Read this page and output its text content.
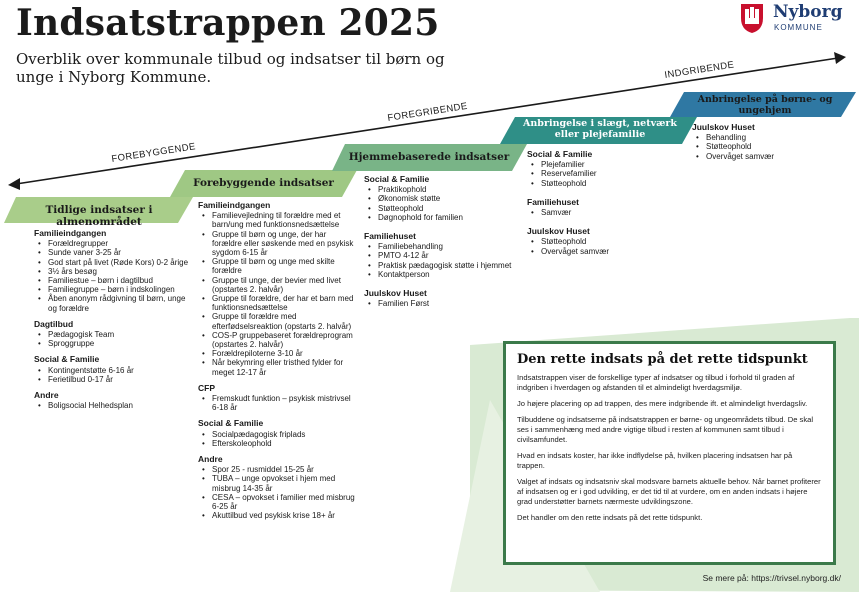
FOREBYGGENDE
FOREGRIBENDE
INDGRIBENDE
Indsatstrappen 2025
Overblik over kommunale tilbud og indsatser til børn og unge i Nyborg Kommune.
Nyborg
KOMMUNE
Tidlige indsatser i almenområdet
Forebyggende indsatser
Hjemmebaserede indsatser
Anbringelse i slægt, netværk eller plejefamilie
Anbringelse på børne- og ungehjem
Familieindgangen
• Forældregrupper
• Sunde vaner 3-25 år
• God start på livet (Røde Kors) 0-2 årige
• 3½ års besøg
• Familiestue – børn i dagtilbud
• Familiegruppe – børn i indskolingen
• Åben anonym rådgivning til børn, unge og forældre
Dagtilbud
• Pædagogisk Team
• Sproggruppe
Social & Familie
• Kontingentstøtte 6-16 år
• Ferietilbud 0-17 år
Andre
• Boligsocial Helhedsplan
Familieindgangen
• Familievejledning til forældre med et barn/ung med funktionsnedsættelse
• Gruppe til børn og unge, der har forældre eller søskende med en psykisk sygdom 6-15 år
• Gruppe til børn og unge med skilte forældre
• Gruppe til unge, der bevier med livet (opstartes 2. halvår)
• Gruppe til forældre, der har et barn med funktionsnedsættelse
• Gruppe til forældre med efterfødselsreaktion (opstarts 2. halvår)
• COS-P gruppebaseret forældreprogram (opstartes 2. halvår)
• Forældrepiloterne 3-10 år
• Når bekymring eller tristhed fylder for meget 12-17 år
CFP
• Fremskudt funktion – psykisk mistrivsel 6-18 år
Social & Familie
• Socialpædagogisk friplads
• Efterskoleophold
Andre
• Spor 25 - rusmiddel 15-25 år
• TUBA – unge opvokset i hjem med misbrug 14-35 år
• CESA – opvokset i familier med misbrug 6-25 år
• Akuttilbud ved psykisk krise 18+ år
Social & Familie
• Praktikophold
• Økonomisk støtte
• Støtteophold
• Døgnophold for familien
Familiehuset
• Familiebehandling
• PMTO 4-12 år
• Praktisk pædagogisk støtte i hjemmet
• Kontaktperson
Juulskov Huset
• Familien Først
Social & Familie
• Plejefamilier
• Reservefamilier
• Støtteophold
Familiehuset
• Samvær
Juulskov Huset
• Støtteophold
• Overvåget samvær
Juulskov Huset
• Behandling
• Støtteophold
• Overvåget samvær
Den rette indsats på det rette tidspunkt

Indsatstrappen viser de forskellige typer af indsatser og tilbud i forhold til graden af indgriben i hverdagen og afstanden til et almindeligt hverdagsmiljø.

Jo højere placering op ad trappen, des mere indgribende ift. et almindeligt hverdagsliv.

Tilbuddene og indsatserne på indsatstrappen er børne- og ungeområdets tilbud. De skal ses i sammenhæng med andre vigtige tilbud i resten af kommunen samt tilbud i civilsamfundet.

Hvad en indsats koster, har ikke indflydelse på, hvilken placering indsatsen har på trappen.

Valget af indsats og indsatsniv skal modsvare barnets aktuelle behov. Når barnet profiterer af indsatsen og er i god udvikling, er det tid til at vurdere, om en anden indsats i højere grad understøtter barnets nærmeste udviklingszone.

Det handler om den rette indsats på det rette tidspunkt.

Se mere på: https://trivsel.nyborg.dk/
